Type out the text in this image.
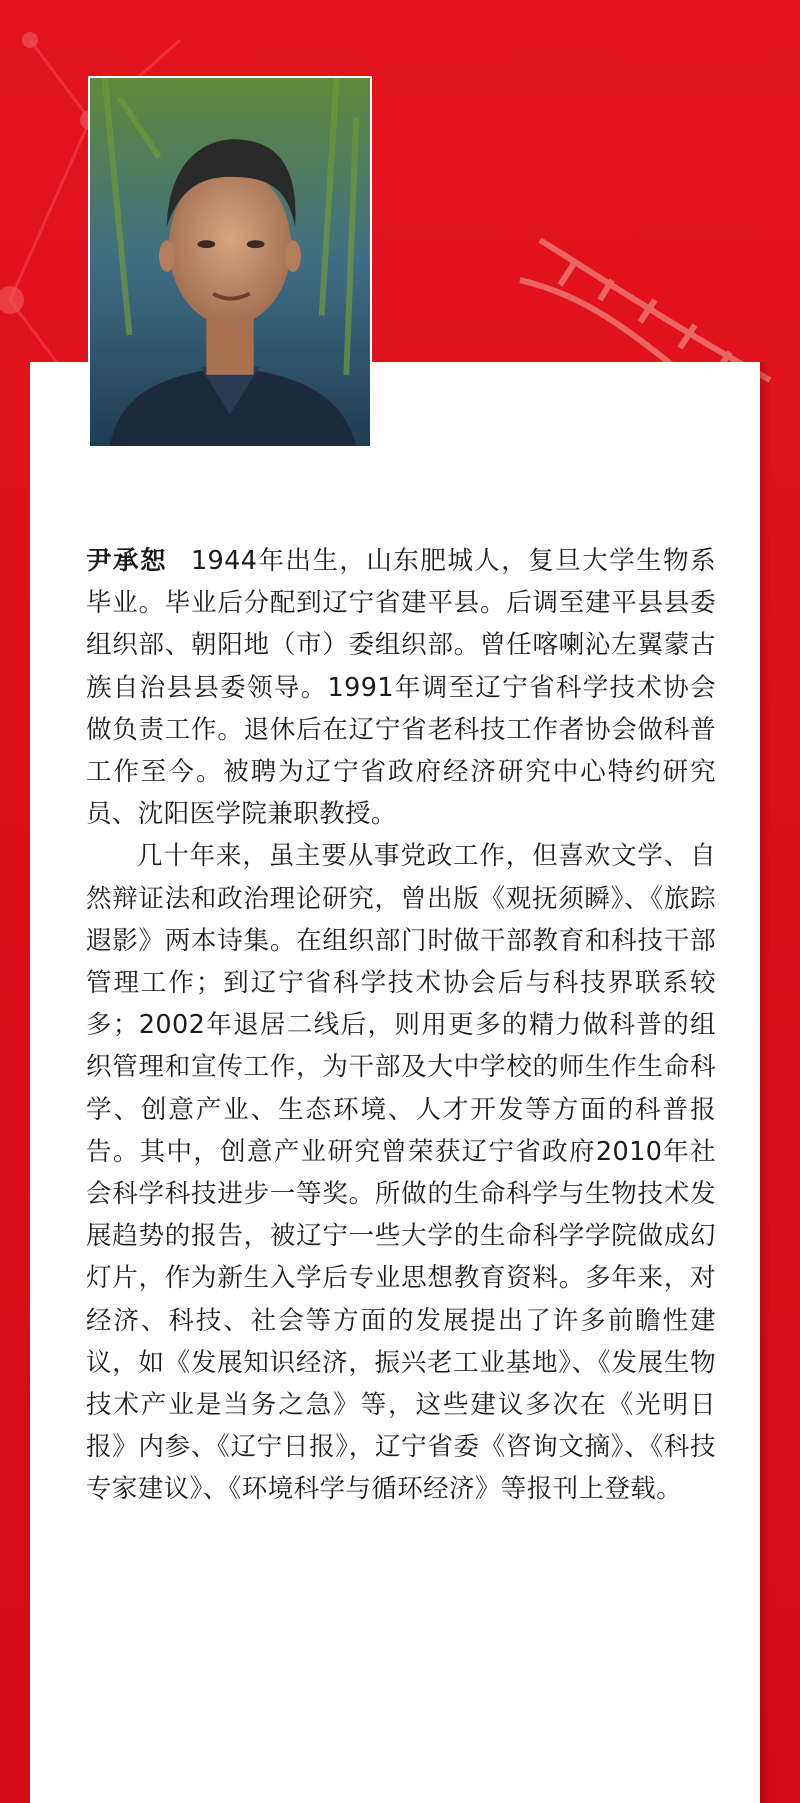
尹承恕 1944年出生，山东肥城人，复旦大学生物系毕业。毕业后分配到辽宁省建平县。后调至建平县县委组织部、朝阳地（市）委组织部。曾任喀喇沁左翼蒙古族自治县县委领导。1991年调至辽宁省科学技术协会做负责工作。退休后在辽宁省老科技工作者协会做科普工作至今。被聘为辽宁省政府经济研究中心特约研究员、沈阳医学院兼职教授。

几十年来，虽主要从事党政工作，但喜欢文学、自然辩证法和政治理论研究，曾出版《观抚须瞬》、《旅踪遐影》两本诗集。在组织部门时做干部教育和科技干部管理工作；到辽宁省科学技术协会后与科技界联系较多；2002年退居二线后，则用更多的精力做科普的组织管理和宣传工作，为干部及大中学校的师生作生命科学、创意产业、生态环境、人才开发等方面的科普报告。其中，创意产业研究曾荣获辽宁省政府2010年社会科学科技进步一等奖。所做的生命科学与生物技术发展趋势的报告，被辽宁一些大学的生命科学学院做成幻灯片，作为新生入学后专业思想教育资料。多年来，对经济、科技、社会等方面的发展提出了许多前瞻性建议，如《发展知识经济，振兴老工业基地》、《发展生物技术产业是当务之急》等，这些建议多次在《光明日报》内参、《辽宁日报》，辽宁省委《咨询文摘》、《科技专家建议》、《环境科学与循环经济》等报刊上登载。
